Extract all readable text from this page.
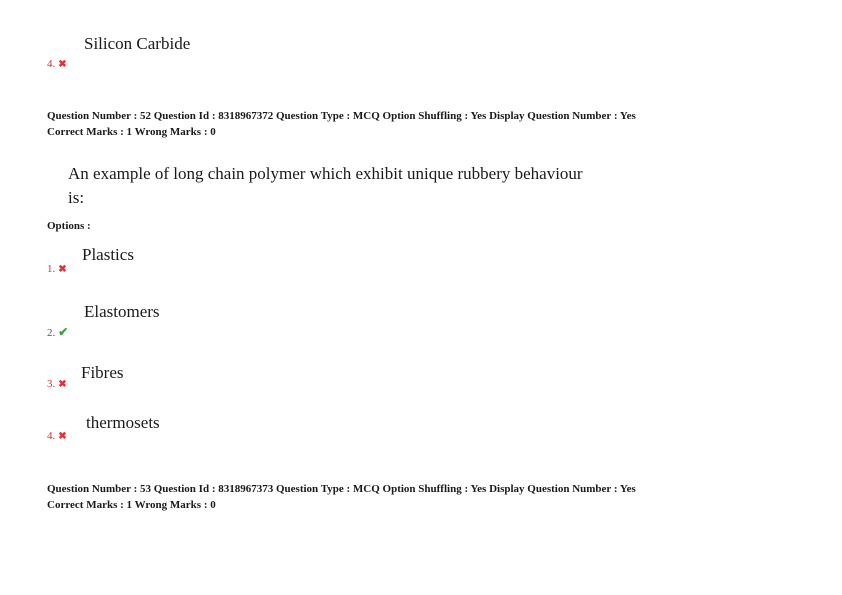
Silicon Carbide
4. ✖
Question Number : 52 Question Id : 8318967372 Question Type : MCQ Option Shuffling : Yes Display Question Number : Yes
Correct Marks : 1 Wrong Marks : 0
An example of long chain polymer which exhibit unique rubbery behaviour is:
Options :
Plastics
1. ✖
Elastomers
2. ✔
Fibres
3. ✖
thermosets
4. ✖
Question Number : 53 Question Id : 8318967373 Question Type : MCQ Option Shuffling : Yes Display Question Number : Yes
Correct Marks : 1 Wrong Marks : 0
